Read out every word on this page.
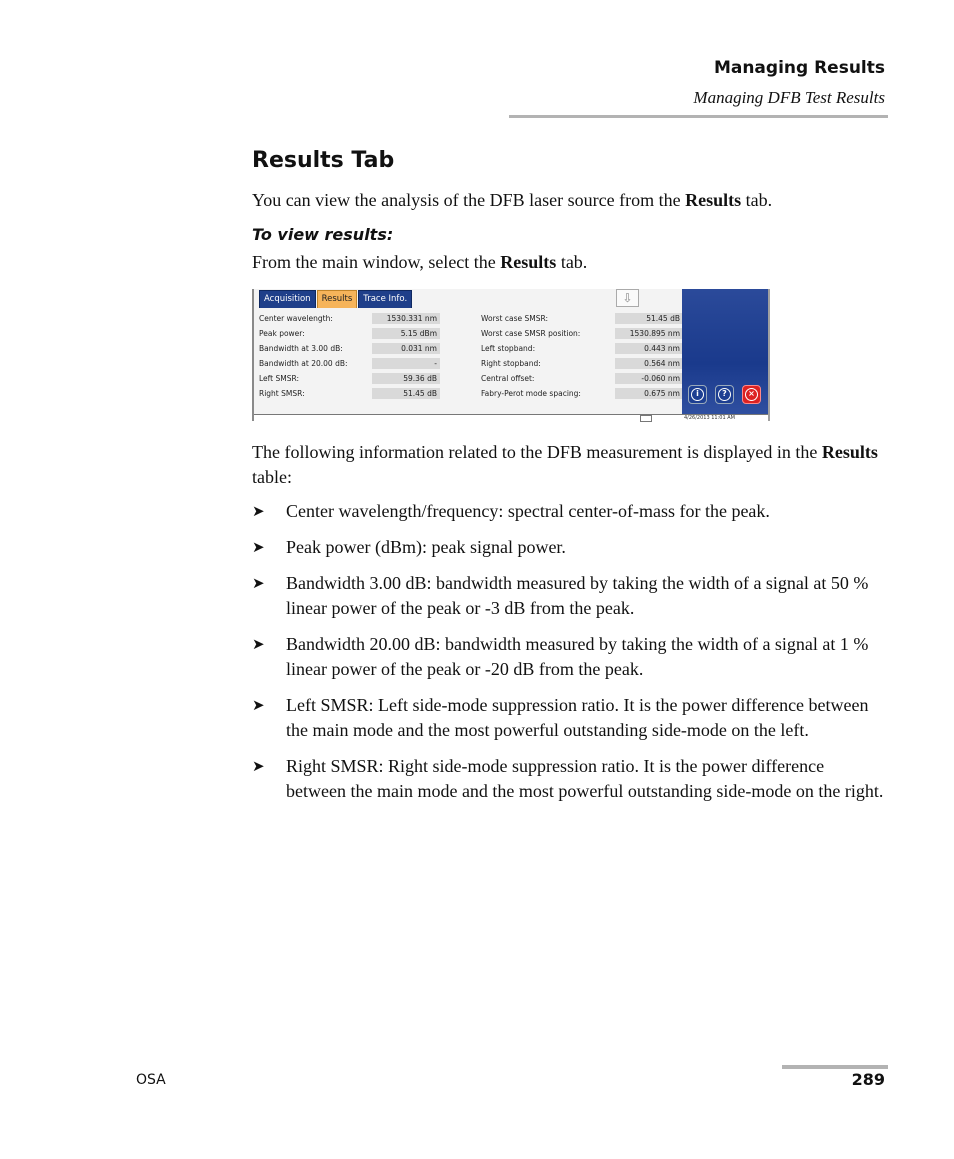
Managing Results
Managing DFB Test Results
Results Tab

You can view the analysis of the DFB laser source from the Results tab.

To view results:

From the main window, select the Results tab.

Acquisition	Results	Trace Info.	⇩
Center wavelength:	1530.331 nm	Worst case SMSR:	51.45 dB
Peak power:	5.15 dBm	Worst case SMSR position:	1530.895 nm
Bandwidth at 3.00 dB:	0.031 nm	Left stopband:	0.443 nm
Bandwidth at 20.00 dB:	-	Right stopband:	0.564 nm
Left SMSR:	59.36 dB	Central offset:	-0.060 nm
Right SMSR:	51.45 dB	Fabry-Perot mode spacing:	0.675 nm	i	?	×
4/26/2013 11:01 AM

The following information related to the DFB measurement is displayed in the Results table:

➤ Center wavelength/frequency: spectral center-of-mass for the peak.
➤ Peak power (dBm): peak signal power.
➤ Bandwidth 3.00 dB: bandwidth measured by taking the width of a signal at 50 % linear power of the peak or -3 dB from the peak.
➤ Bandwidth 20.00 dB: bandwidth measured by taking the width of a signal at 1 % linear power of the peak or -20 dB from the peak.
➤ Left SMSR: Left side-mode suppression ratio. It is the power difference between the main mode and the most powerful outstanding side-mode on the left.
➤ Right SMSR: Right side-mode suppression ratio. It is the power difference between the main mode and the most powerful outstanding side-mode on the right.
OSA	289
